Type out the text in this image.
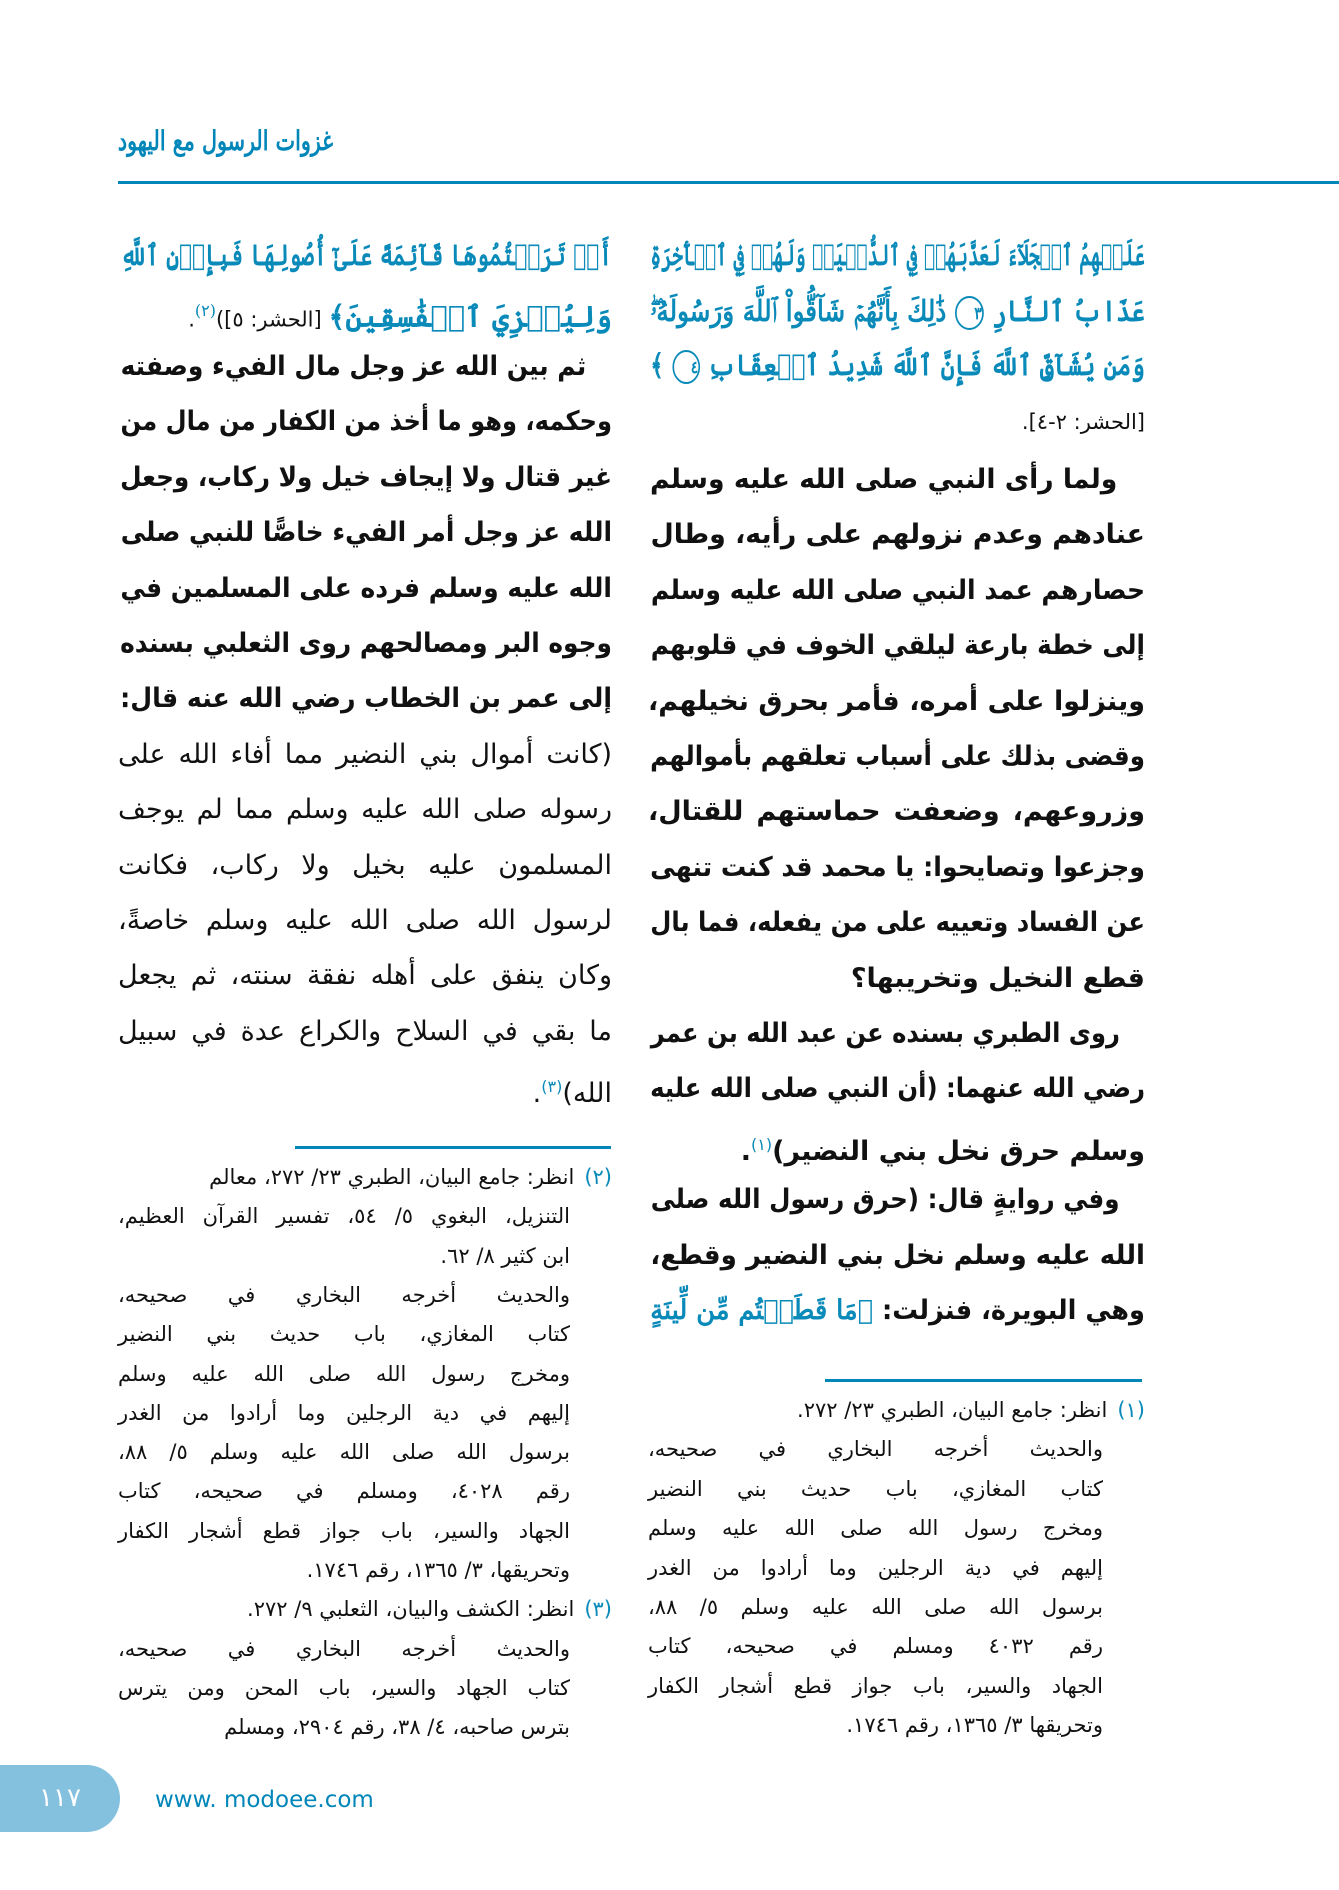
غزوات الرسول مع اليهود
عَلَيۡهِمُ ٱلۡجَلَآءَ لَعَذَّبَهُمۡ فِي ٱلدُّنۡيَاۖ وَلَهُمۡ فِي ٱلۡأٓخِرَةِ
عَذَابُ ٱلنَّارِ ٣ ذَٰلِكَ بِأَنَّهُمۡ شَآقُّواْ ٱللَّهَ وَرَسُولَهُۥۖ
وَمَن يُشَآقِّ ٱللَّهَ فَإِنَّ ٱللَّهَ شَدِيدُ ٱلۡعِقَابِ ٤ ﴾
[الحشر: ٢-٤].
ولما رأى النبي صلى الله عليه وسلم
عنادهم وعدم نزولهم على رأيه، وطال
حصارهم عمد النبي صلى الله عليه وسلم
إلى خطة بارعة ليلقي الخوف في قلوبهم
وينزلوا على أمره، فأمر بحرق نخيلهم،
وقضى بذلك على أسباب تعلقهم بأموالهم
وزروعهم، وضعفت حماستهم للقتال،
وجزعوا وتصايحوا: يا محمد قد كنت تنهى
عن الفساد وتعييه على من يفعله، فما بال
قطع النخيل وتخريبها؟
روى الطبري بسنده عن عبد الله بن عمر
رضي الله عنهما: (أن النبي صلى الله عليه
وسلم حرق نخل بني النضير)$^{(١)}$.
وفي روايةٍ قال: (حرق رسول الله صلى
الله عليه وسلم نخل بني النضير وقطع،
وهي البويرة، فنزلت: ﴿مَا قَطَعۡتُم مِّن لِّينَةٍ
(١)انظر: جامع البيان، الطبري ٢٣/ ٢٧٢.
والحديث أخرجه البخاري في صحيحه،
كتاب المغازي، باب حديث بني النضير
ومخرج رسول الله صلى الله عليه وسلم
إليهم في دية الرجلين وما أرادوا من الغدر
برسول الله صلى الله عليه وسلم ٥/ ٨٨،
رقم ٤٠٣٢ ومسلم في صحيحه، كتاب
الجهاد والسير، باب جواز قطع أشجار الكفار
وتحريقها ٣/ ١٣٦٥، رقم ١٧٤٦.
أَوۡ تَرَكۡتُمُوهَا قَآئِمَةً عَلَىٰٓ أُصُولِهَا فَبِإِذۡنِ ٱللَّهِ
وَلِيُخۡزِيَ ٱلۡفَٰسِقِينَ﴾ [الحشر: ٥])$^{(٢)}$.
ثم بين الله عز وجل مال الفيء وصفته
وحكمه، وهو ما أخذ من الكفار من مال من
غير قتال ولا إيجاف خيل ولا ركاب، وجعل
الله عز وجل أمر الفيء خاصًّا للنبي صلى
الله عليه وسلم فرده على المسلمين في
وجوه البر ومصالحهم روى الثعلبي بسنده
إلى عمر بن الخطاب رضي الله عنه قال:
(كانت أموال بني النضير مما أفاء الله على
رسوله صلى الله عليه وسلم مما لم يوجف
المسلمون عليه بخيل ولا ركاب، فكانت
لرسول الله صلى الله عليه وسلم خاصةً،
وكان ينفق على أهله نفقة سنته، ثم يجعل
ما بقي في السلاح والكراع عدة في سبيل
الله)$^{(٣)}$.
(٢)انظر: جامع البيان، الطبري ٢٣/ ٢٧٢، معالم
التنزيل، البغوي ٥/ ٥٤، تفسير القرآن العظيم،
ابن كثير ٨/ ٦٢.
والحديث أخرجه البخاري في صحيحه،
كتاب المغازي، باب حديث بني النضير
ومخرج رسول الله صلى الله عليه وسلم
إليهم في دية الرجلين وما أرادوا من الغدر
برسول الله صلى الله عليه وسلم ٥/ ٨٨،
رقم ٤٠٢٨، ومسلم في صحيحه، كتاب
الجهاد والسير، باب جواز قطع أشجار الكفار
وتحريقها، ٣/ ١٣٦٥، رقم ١٧٤٦.
(٣)انظر: الكشف والبيان، الثعلبي ٩/ ٢٧٢.
والحديث أخرجه البخاري في صحيحه،
كتاب الجهاد والسير، باب المحن ومن يترس
بترس صاحبه، ٤/ ٣٨، رقم ٢٩٠٤، ومسلم
١١٧	www. modoee.com
